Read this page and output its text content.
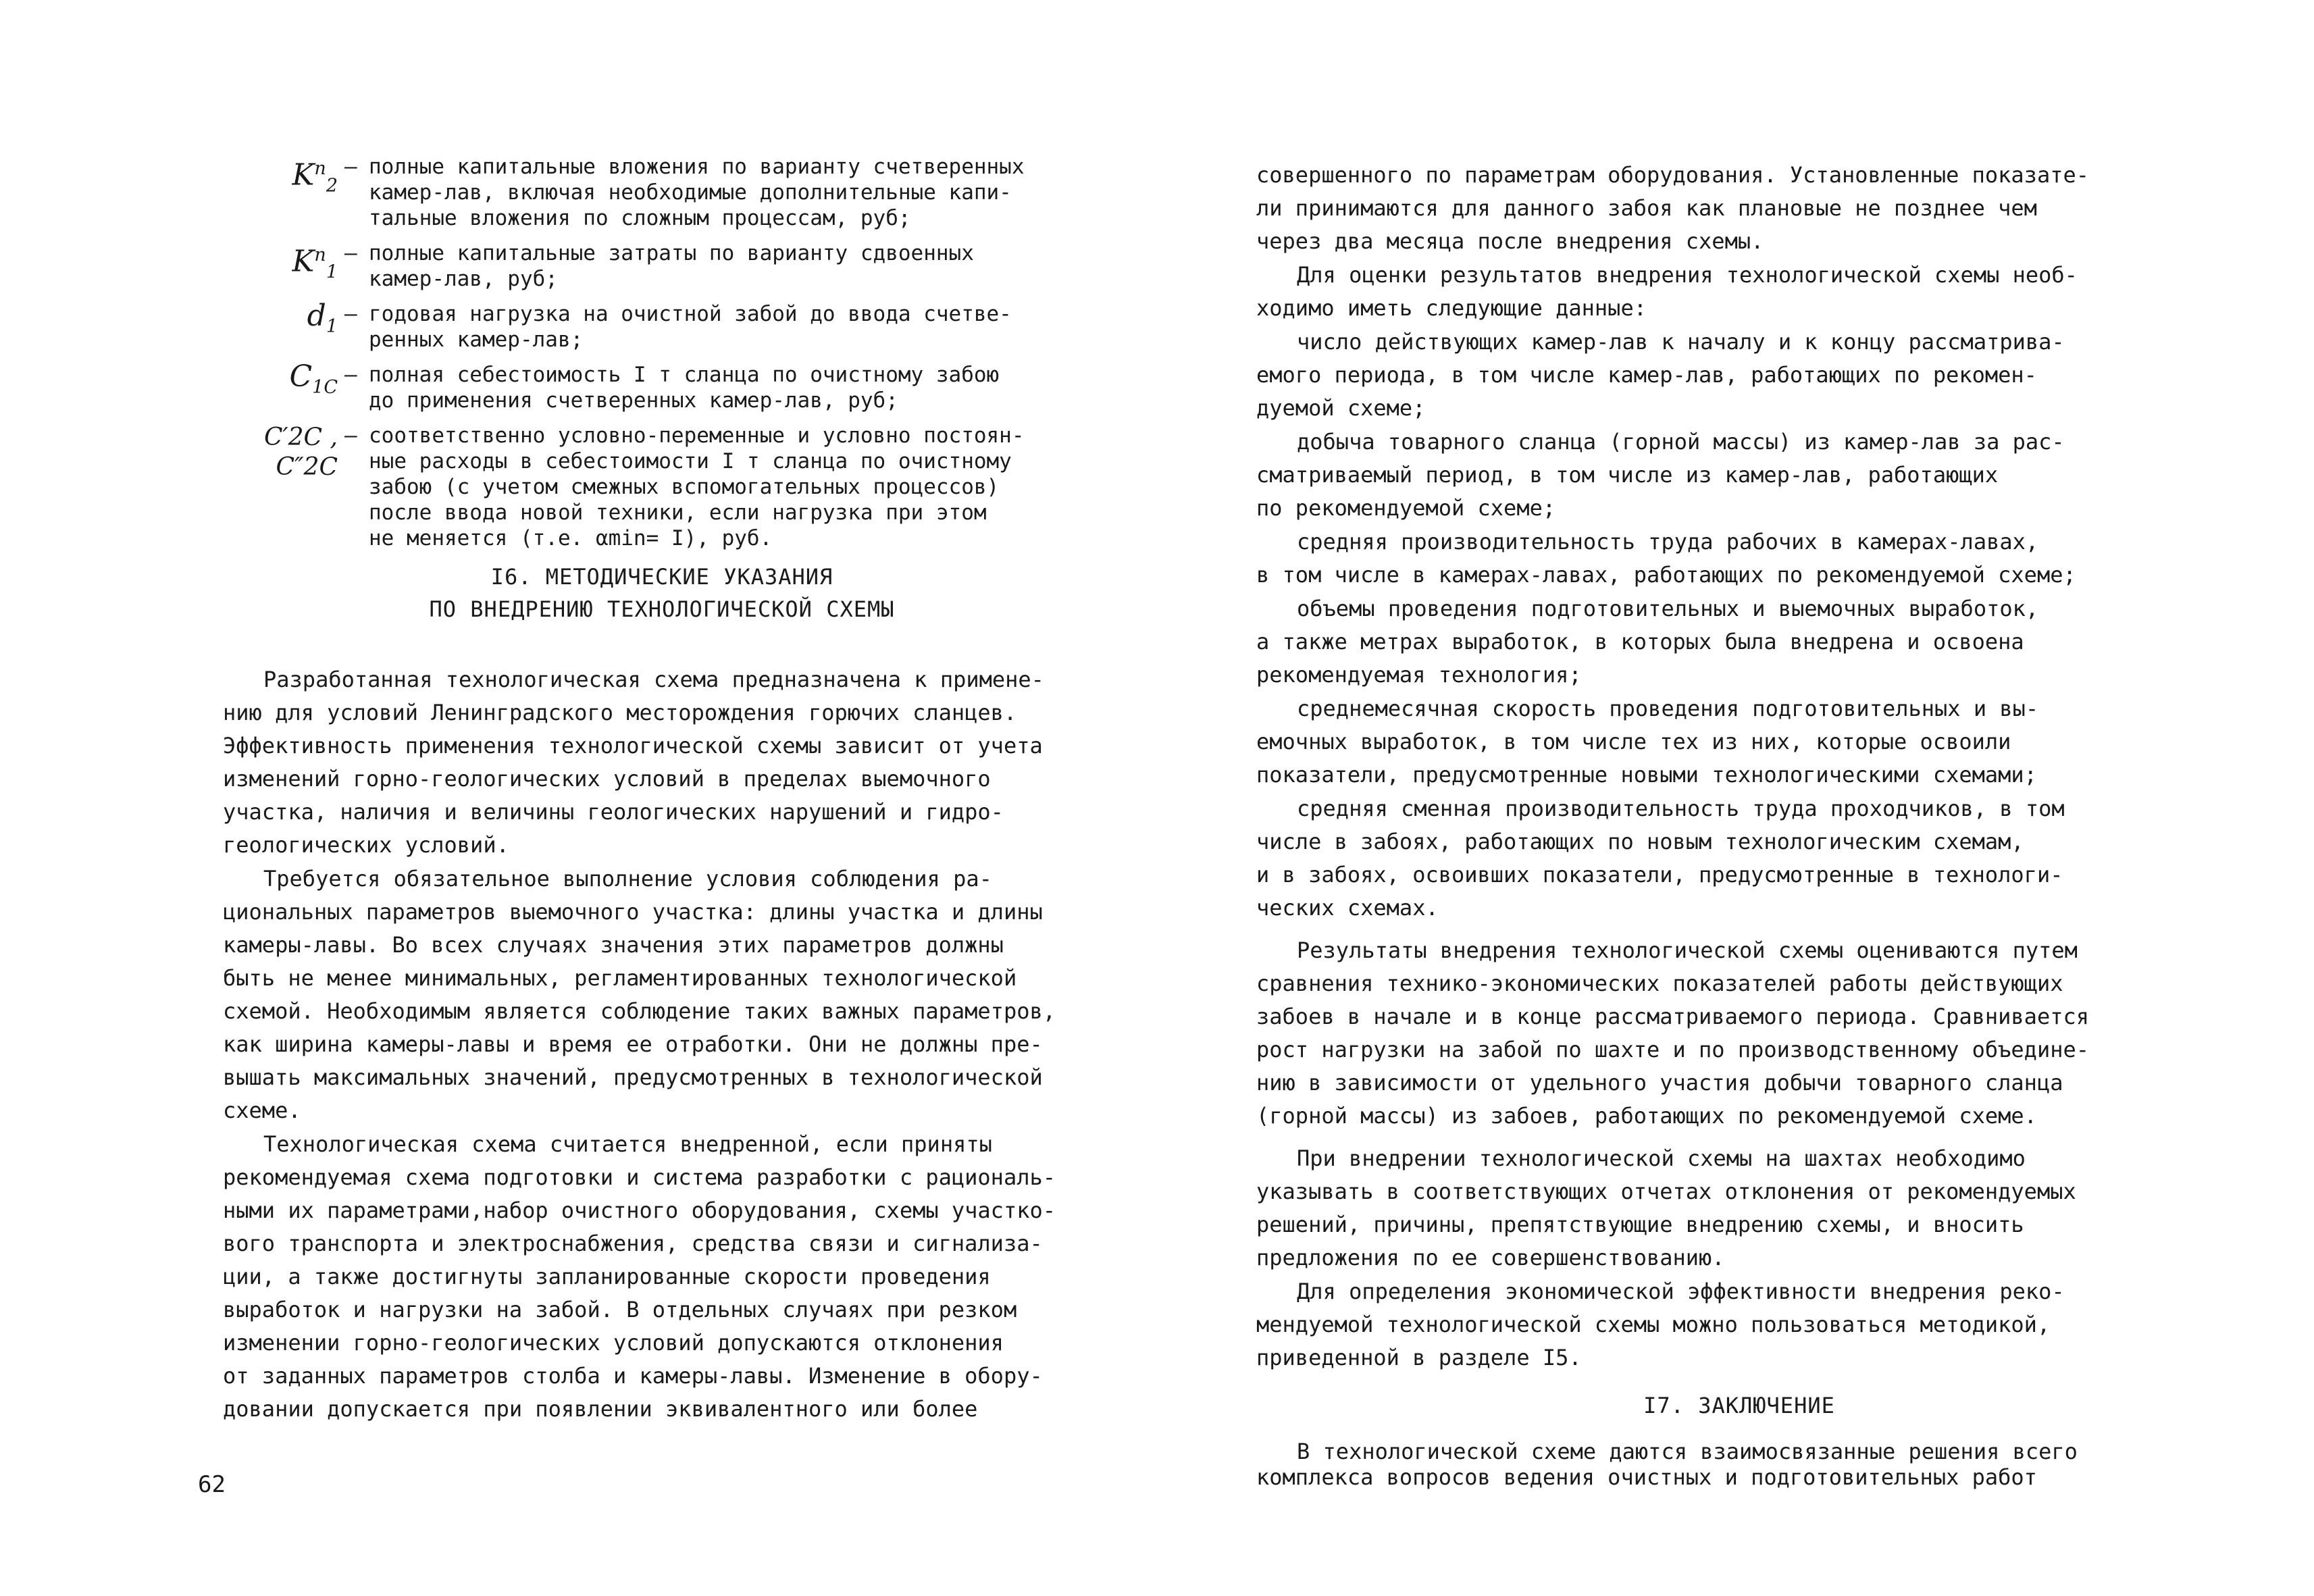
$K^п_2$
– полные капитальные вложения по варианту счетверенных
камер-лав, включая необходимые дополнительные капи-
тальные вложения по сложным процессам, руб;
$K^п_1$
– полные капитальные затраты по варианту сдвоенных
камер-лав, руб;
$d_1$
– годовая нагрузка на очистной забой до ввода счетве-
ренных камер-лав;
$C_{1С}$
– полная себестоимость I т сланца по очистному забою
до применения счетверенных камер-лав, руб;
C′2С , C″2С
– соответственно условно-переменные и условно постоян-
ные расходы в себестоимости I т сланца по очистному
забою (с учетом смежных вспомогательных процессов)
после ввода новой техники, если нагрузка при этом
не меняется (т.е. αmin= I), руб.
I6. МЕТОДИЧЕСКИЕ УКАЗАНИЯ
ПО ВНЕДРЕНИЮ ТЕХНОЛОГИЧЕСКОЙ СХЕМЫ

Разработанная технологическая схема предназначена к примене-
нию для условий Ленинградского месторождения горючих сланцев.
Эффективность применения технологической схемы зависит от учета
изменений горно-геологических условий в пределах выемочного
участка, наличия и величины геологических нарушений и гидро-
геологических условий.

Требуется обязательное выполнение условия соблюдения ра-
циональных параметров выемочного участка: длины участка и длины
камеры-лавы. Во всех случаях значения этих параметров должны
быть не менее минимальных, регламентированных технологической
схемой. Необходимым является соблюдение таких важных параметров,
как ширина камеры-лавы и время ее отработки. Они не должны пре-
вышать максимальных значений, предусмотренных в технологической
схеме.

Технологическая схема считается внедренной, если приняты
рекомендуемая схема подготовки и система разработки с рациональ-
ными их параметрами,набор очистного оборудования, схемы участко-
вого транспорта и электроснабжения, средства связи и сигнализа-
ции, а также достигнуты запланированные скорости проведения
выработок и нагрузки на забой. В отдельных случаях при резком
изменении горно-геологических условий допускаются отклонения
от заданных параметров столба и камеры-лавы. Изменение в обору-
довании допускается при появлении эквивалентного или более

62

совершенного по параметрам оборудования. Установленные показате-
ли принимаются для данного забоя как плановые не позднее чем
через два месяца после внедрения схемы.

Для оценки результатов внедрения технологической схемы необ-
ходимо иметь следующие данные:

число действующих камер-лав к началу и к концу рассматрива-
емого периода, в том числе камер-лав, работающих по рекомен-
дуемой схеме;

добыча товарного сланца (горной массы) из камер-лав за рас-
сматриваемый период, в том числе из камер-лав, работающих
по рекомендуемой схеме;

средняя производительность труда рабочих в камерах-лавах,
в том числе в камерах-лавах, работающих по рекомендуемой схеме;

объемы проведения подготовительных и выемочных выработок,
а также метрах выработок, в которых была внедрена и освоена
рекомендуемая технология;

среднемесячная скорость проведения подготовительных и вы-
емочных выработок, в том числе тех из них, которые освоили
показатели, предусмотренные новыми технологическими схемами;

средняя сменная производительность труда проходчиков, в том
числе в забоях, работающих по новым технологическим схемам,
и в забоях, освоивших показатели, предусмотренные в технологи-
ческих схемах.

Результаты внедрения технологической схемы оцениваются путем
сравнения технико-экономических показателей работы действующих
забоев в начале и в конце рассматриваемого периода. Сравнивается
рост нагрузки на забой по шахте и по производственному объедине-
нию в зависимости от удельного участия добычи товарного сланца
(горной массы) из забоев, работающих по рекомендуемой схеме.

При внедрении технологической схемы на шахтах необходимо
указывать в соответствующих отчетах отклонения от рекомендуемых
решений, причины, препятствующие внедрению схемы, и вносить
предложения по ее совершенствованию.

Для определения экономической эффективности внедрения реко-
мендуемой технологической схемы можно пользоваться методикой,
приведенной в разделе I5.

I7. ЗАКЛЮЧЕНИЕ
В технологической схеме даются взаимосвязанные решения всего
комплекса вопросов ведения очистных и подготовительных работ
